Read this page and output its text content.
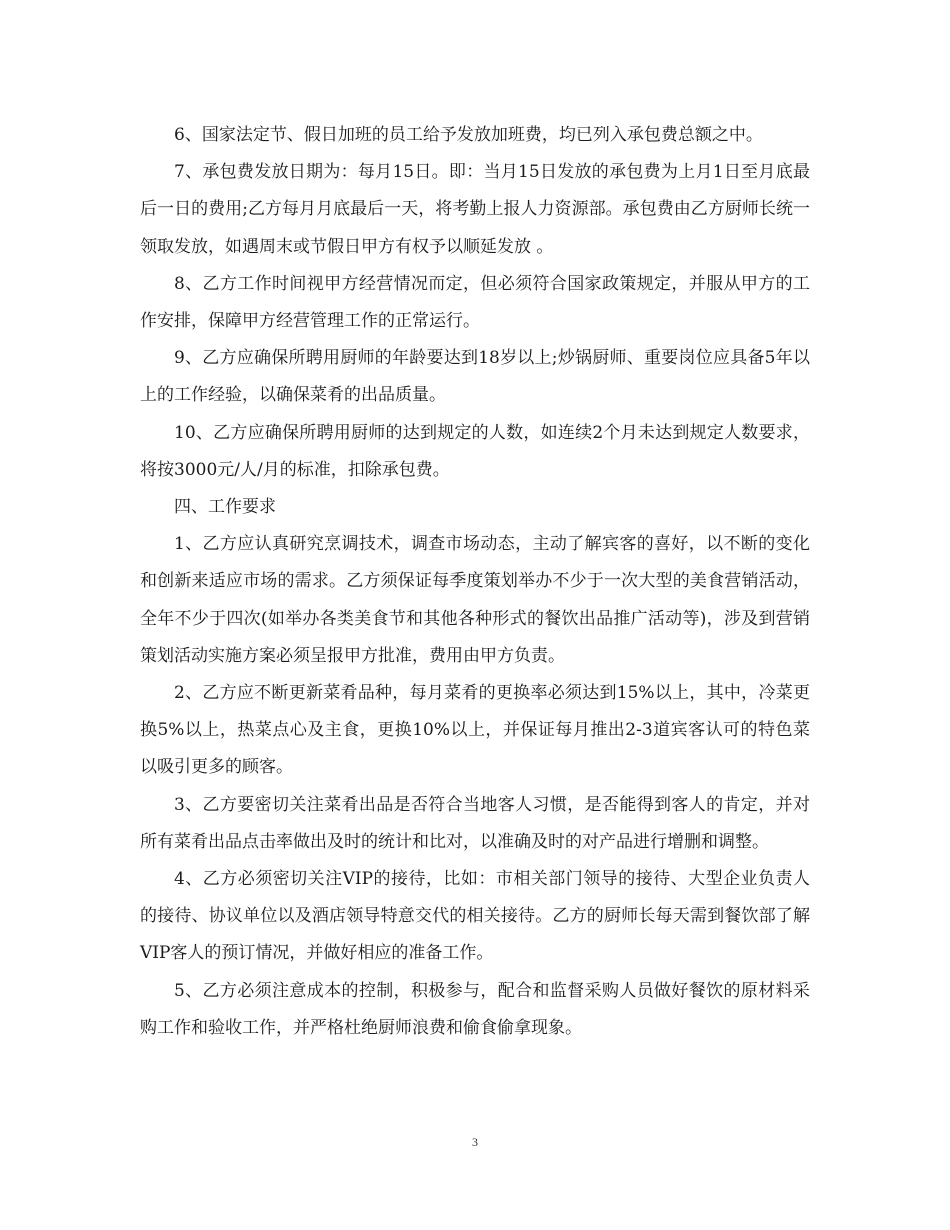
6、国家法定节、假日加班的员工给予发放加班费，均已列入承包费总额之中。

7、承包费发放日期为：每月15日。即：当月15日发放的承包费为上月1日至月底最后一日的费用;乙方每月月底最后一天，将考勤上报人力资源部。承包费由乙方厨师长统一领取发放，如遇周末或节假日甲方有权予以顺延发放 。

8、乙方工作时间视甲方经营情况而定，但必须符合国家政策规定，并服从甲方的工作安排，保障甲方经营管理工作的正常运行。

9、乙方应确保所聘用厨师的年龄要达到18岁以上;炒锅厨师、重要岗位应具备5年以上的工作经验，以确保菜肴的出品质量。

10、乙方应确保所聘用厨师的达到规定的人数，如连续2个月未达到规定人数要求，将按3000元/人/月的标准，扣除承包费。

四、工作要求

1、乙方应认真研究烹调技术，调查市场动态，主动了解宾客的喜好，以不断的变化和创新来适应市场的需求。乙方须保证每季度策划举办不少于一次大型的美食营销活动，全年不少于四次(如举办各类美食节和其他各种形式的餐饮出品推广活动等)，涉及到营销策划活动实施方案必须呈报甲方批准，费用由甲方负责。

2、乙方应不断更新菜肴品种，每月菜肴的更换率必须达到15%以上，其中，冷菜更换5%以上，热菜点心及主食，更换10%以上，并保证每月推出2-3道宾客认可的特色菜以吸引更多的顾客。

3、乙方要密切关注菜肴出品是否符合当地客人习惯，是否能得到客人的肯定，并对所有菜肴出品点击率做出及时的统计和比对，以准确及时的对产品进行增删和调整。

4、乙方必须密切关注VIP的接待，比如：市相关部门领导的接待、大型企业负责人的接待、协议单位以及酒店领导特意交代的相关接待。乙方的厨师长每天需到餐饮部了解VIP客人的预订情况，并做好相应的准备工作。

5、乙方必须注意成本的控制，积极参与，配合和监督采购人员做好餐饮的原材料采购工作和验收工作，并严格杜绝厨师浪费和偷食偷拿现象。

3
